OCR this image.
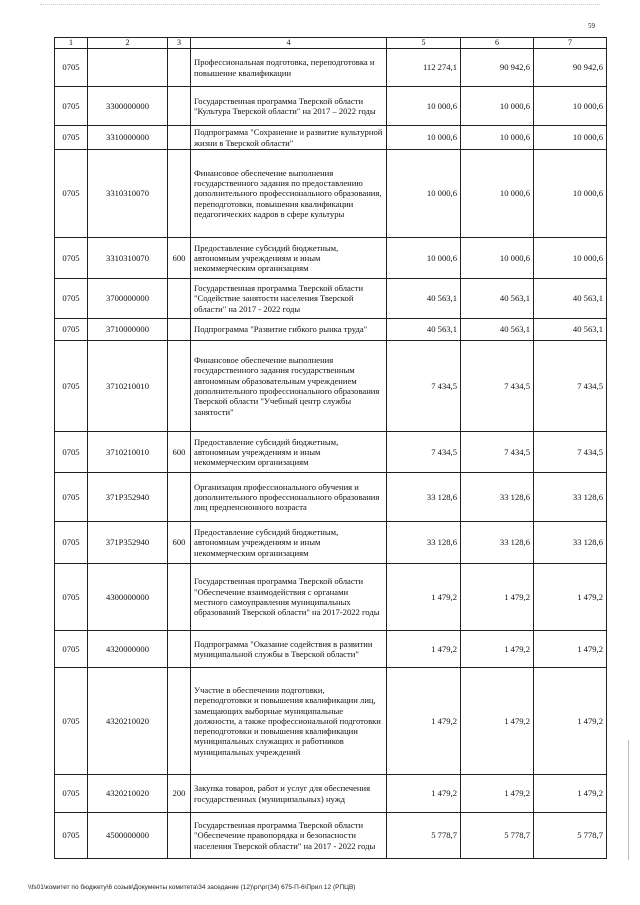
59
1	2	3	4	5	6	7
0705			Профессиональная подготовка, переподготовка и повышение квалификации	112 274,1	90 942,6	90 942,6
0705	3300000000		Государственная программа Тверской области "Культура Тверской области" на 2017 – 2022 годы	10 000,6	10 000,6	10 000,6
0705	3310000000		Подпрограмма "Сохранение и развитие культурной жизни в Тверской области"	10 000,6	10 000,6	10 000,6
0705	3310310070		Финансовое обеспечение выполнения государственного задания по предоставлению дополнительного профессионального образования, переподготовки, повышения квалификации педагогических кадров в сфере культуры	10 000,6	10 000,6	10 000,6
0705	3310310070	600	Предоставление субсидий бюджетным, автономным учреждениям и иным некоммерческим организациям	10 000,6	10 000,6	10 000,6
0705	3700000000		Государственная программа Тверской области "Содействие занятости населения Тверской области" на 2017 - 2022 годы	40 563,1	40 563,1	40 563,1
0705	3710000000		Подпрограмма "Развитие гибкого рынка труда"	40 563,1	40 563,1	40 563,1
0705	3710210010		Финансовое обеспечение выполнения государственного задания государственным автономным образовательным учреждением дополнительного профессионального образования Тверской области "Учебный центр службы занятости"	7 434,5	7 434,5	7 434,5
0705	3710210010	600	Предоставление субсидий бюджетным, автономным учреждениям и иным некоммерческим организациям	7 434,5	7 434,5	7 434,5
0705	371P352940		Организация профессионального обучения и дополнительного профессионального образования лиц предпенсионного возраста	33 128,6	33 128,6	33 128,6
0705	371P352940	600	Предоставление субсидий бюджетным, автономным учреждениям и иным некоммерческим организациям	33 128,6	33 128,6	33 128,6
0705	4300000000		Государственная программа Тверской области "Обеспечение взаимодействия с органами местного самоуправления муниципальных образований Тверской области" на 2017-2022 годы	1 479,2	1 479,2	1 479,2
0705	4320000000		Подпрограмма "Оказание содействия в развитии муниципальной службы в Тверской области"	1 479,2	1 479,2	1 479,2
0705	4320210020		Участие в обеспечении подготовки, переподготовки и повышения квалификации лиц, замещающих выборные муниципальные должности, а также профессиональной подготовки переподготовки и повышения квалификации муниципальных служащих и работников муниципальных учреждений	1 479,2	1 479,2	1 479,2
0705	4320210020	200	Закупка товаров, работ и услуг для обеспечения государственных (муниципальных) нужд	1 479,2	1 479,2	1 479,2
0705	4500000000		Государственная программа Тверской области "Обеспечение правопорядка и безопасности населения Тверской области" на 2017 - 2022 годы	5 778,7	5 778,7	5 778,7
\\fs01\комитет по бюджету\6 созыв\Документы комитета\34 заседание (12)\рг\рг(34) 675-П-6\Прил 12 (РПЦВ)
